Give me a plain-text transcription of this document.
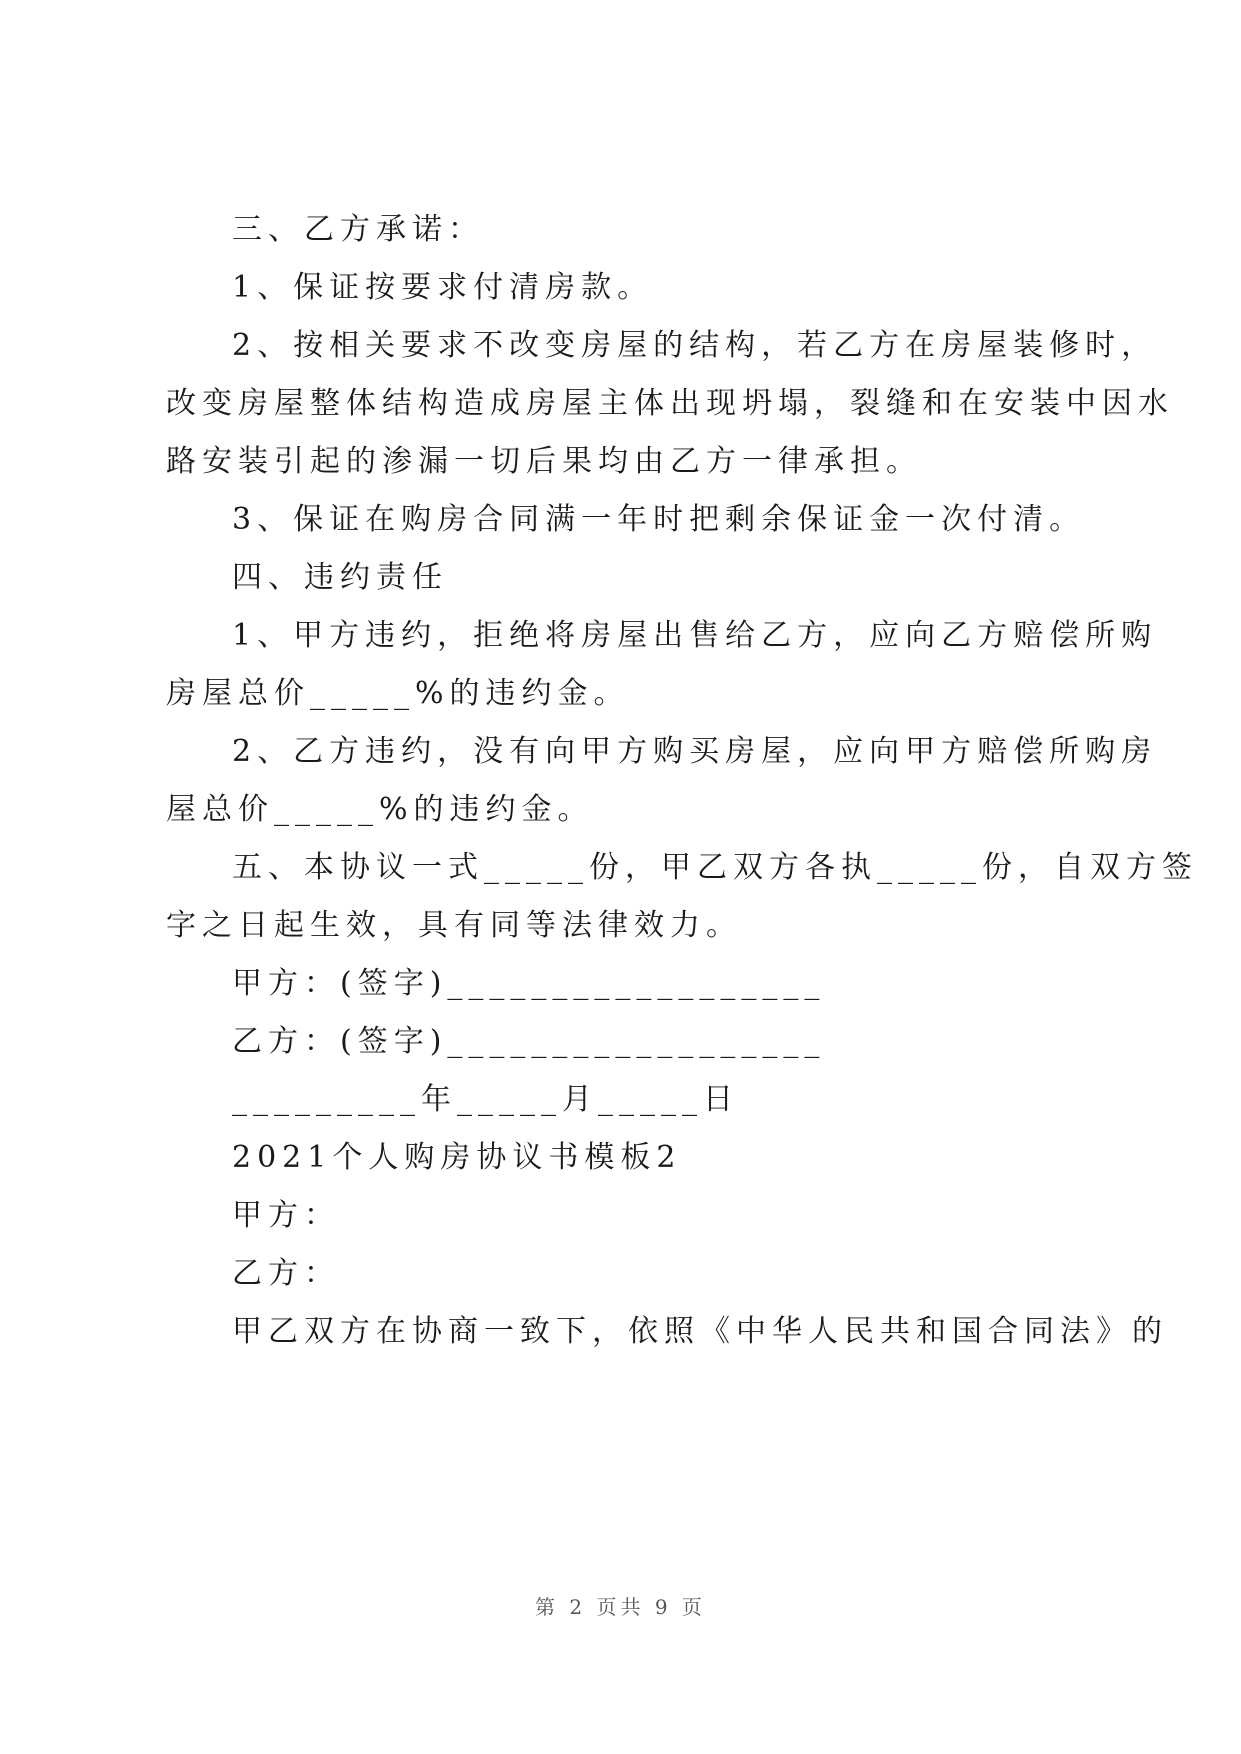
三、乙方承诺：
1、保证按要求付清房款。
2、按相关要求不改变房屋的结构，若乙方在房屋装修时，
改变房屋整体结构造成房屋主体出现坍塌，裂缝和在安装中因水
路安装引起的渗漏一切后果均由乙方一律承担。
3、保证在购房合同满一年时把剩余保证金一次付清。
四、违约责任
1、甲方违约，拒绝将房屋出售给乙方，应向乙方赔偿所购
房屋总价_____%的违约金。
2、乙方违约，没有向甲方购买房屋，应向甲方赔偿所购房
屋总价_____%的违约金。
五、本协议一式_____份，甲乙双方各执_____份，自双方签
字之日起生效，具有同等法律效力。
甲方：(签字)__________________
乙方：(签字)__________________
_________年_____月_____日
2021个人购房协议书模板2
甲方：
乙方：
甲乙双方在协商一致下，依照《中华人民共和国合同法》的
第 2 页共 9 页
